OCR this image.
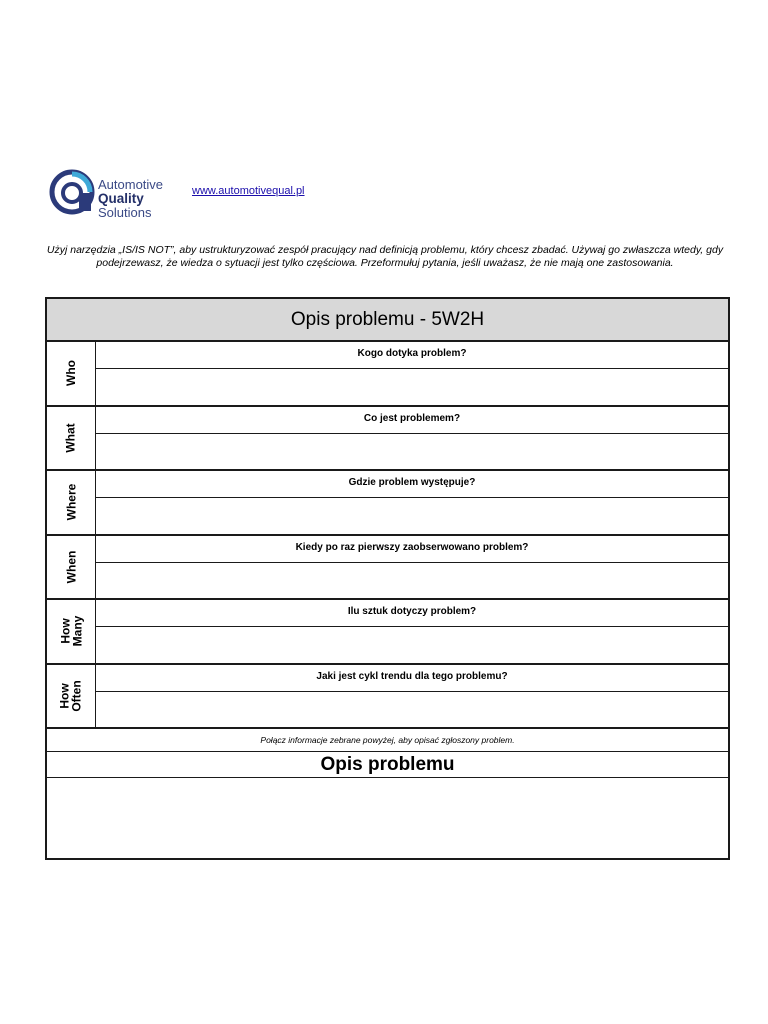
Automotive
Quality
Solutions
www.automotivequal.pl
Użyj narzędzia „IS/IS NOT”, aby ustrukturyzować zespół pracujący nad definicją problemu, który chcesz zbadać. Używaj go zwłaszcza wtedy, gdy podejrzewasz, że wiedza o sytuacji jest tylko częściowa. Przeformułuj pytania, jeśli uważasz, że nie mają one zastosowania.
Opis problemu - 5W2H
Who
Kogo dotyka problem?
What
Co jest problemem?
Where
Gdzie problem występuje?
When
Kiedy po raz pierwszy zaobserwowano problem?
How
Many
Ilu sztuk dotyczy problem?
How
Often
Jaki jest cykl trendu dla tego problemu?
Połącz informacje zebrane powyżej, aby opisać zgłoszony problem.
Opis problemu
